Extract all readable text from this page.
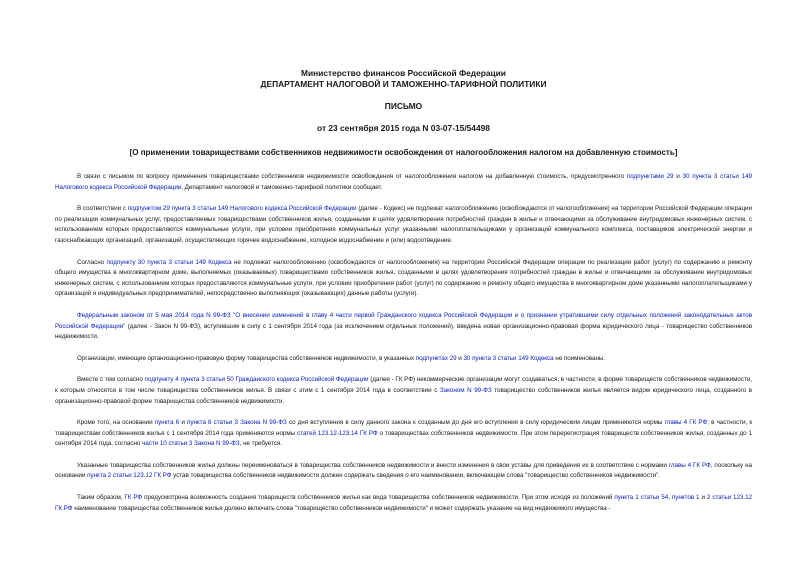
Министерство финансов Российской Федерации
ДЕПАРТАМЕНТ НАЛОГОВОЙ И ТАМОЖЕННО-ТАРИФНОЙ ПОЛИТИКИ
ПИСЬМО
от 23 сентября 2015 года N 03-07-15/54498
[О применении товариществами собственников недвижимости освобождения от налогообложения налогом на добавленную стоимость]

В связи с письмом по вопросу применения товариществами собственников недвижимости освобождения от налогообложения налогом на добавленную стоимость, предусмотренного подпунктами 29 и 30 пункта 3 статьи 149 Налогового кодекса Российской Федерации, Департамент налоговой и таможенно-тарифной политики сообщает.

В соответствии с подпунктом 29 пункта 3 статьи 149 Налогового кодекса Российской Федерации (далее - Кодекс) не подлежат налогообложению (освобождаются от налогообложения) на территории Российской Федерации операции по реализации коммунальных услуг, предоставляемых товариществами собственников жилья, созданными в целях удовлетворения потребностей граждан в жилье и отвечающими за обслуживание внутридомовых инженерных систем, с использованием которых предоставляются коммунальные услуги, при условии приобретения коммунальных услуг указанными налогоплательщиками у организаций коммунального комплекса, поставщиков электрической энергии и газоснабжающих организаций, организаций, осуществляющих горячее водоснабжение, холодное водоснабжение и (или) водоотведение.

Согласно подпункту 30 пункта 3 статьи 149 Кодекса не подлежат налогообложению (освобождаются от налогообложения) на территории Российской Федерации операции по реализации работ (услуг) по содержанию и ремонту общего имущества в многоквартирном доме, выполняемых (оказываемых) товариществами собственников жилья, созданными в целях удовлетворения потребностей граждан в жилье и отвечающими за обслуживание внутридомовых инженерных систем, с использованием которых предоставляются коммунальные услуги, при условии приобретения работ (услуг) по содержанию и ремонту общего имущества в многоквартирном доме указанными налогоплательщиками у организаций и индивидуальных предпринимателей, непосредственно выполняющих (оказывающих) данные работы (услуги).

Федеральным законом от 5 мая 2014 года N 99-ФЗ "О внесении изменений в главу 4 части первой Гражданского кодекса Российской Федерации и о признании утратившими силу отдельных положений законодательных актов Российской Федерации" (далее - Закон N 99-ФЗ), вступившим в силу с 1 сентября 2014 года (за исключением отдельных положений), введена новая организационно-правовая форма юридического лица - товарищество собственников недвижимости.

Организации, имеющие организационно-правовую форму товарищества собственников недвижимости, в указанных подпунктах 29 и 30 пункта 3 статьи 149 Кодекса не поименованы.

Вместе с тем согласно подпункту 4 пункта 3 статьи 50 Гражданского кодекса Российской Федерации (далее - ГК РФ) некоммерческие организации могут создаваться, в частности, в форме товариществ собственников недвижимости, к которым относятся в том числе товарищества собственников жилья. В связи с этим с 1 сентября 2014 года в соответствии с Законом N 99-ФЗ товарищество собственников жилья является видом юридического лица, созданного в организационно-правовой форме товарищества собственников недвижимости.

Кроме того, на основании пункта 6 и пункта 8 статьи 3 Закона N 99-ФЗ со дня вступления в силу данного закона к созданным до дня его вступления в силу юридическим лицам применяются нормы главы 4 ГК РФ; в частности, к товариществам собственников жилья с 1 сентября 2014 года применяются нормы статей 123.12-123.14 ГК РФ о товариществах собственников недвижимости. При этом перерегистрация товариществ собственников жилья, созданных до 1 сентября 2014 года, согласно части 10 статьи 3 Закона N 99-ФЗ, не требуется.

Указанные товарищества собственников жилья должны переименоваться в товарищества собственников недвижимости и внести изменения в свои уставы для приведения их в соответствие с нормами главы 4 ГК РФ, поскольку на основании пункта 2 статьи 123.12 ГК РФ устав товарищества собственников недвижимости должен содержать сведения о его наименовании, включающем слова "товарищество собственников недвижимости".

Таким образом, ГК РФ предусмотрена возможность создания товариществ собственников жилья как вида товарищества собственников недвижимости. При этом исходя из положений пункта 1 статьи 54, пунктов 1 и 2 статьи 123.12 ГК РФ наименование товарищества собственников жилья должно включать слова "товарищество собственников недвижимости" и может содержать указание на вид недвижимого имущества -
